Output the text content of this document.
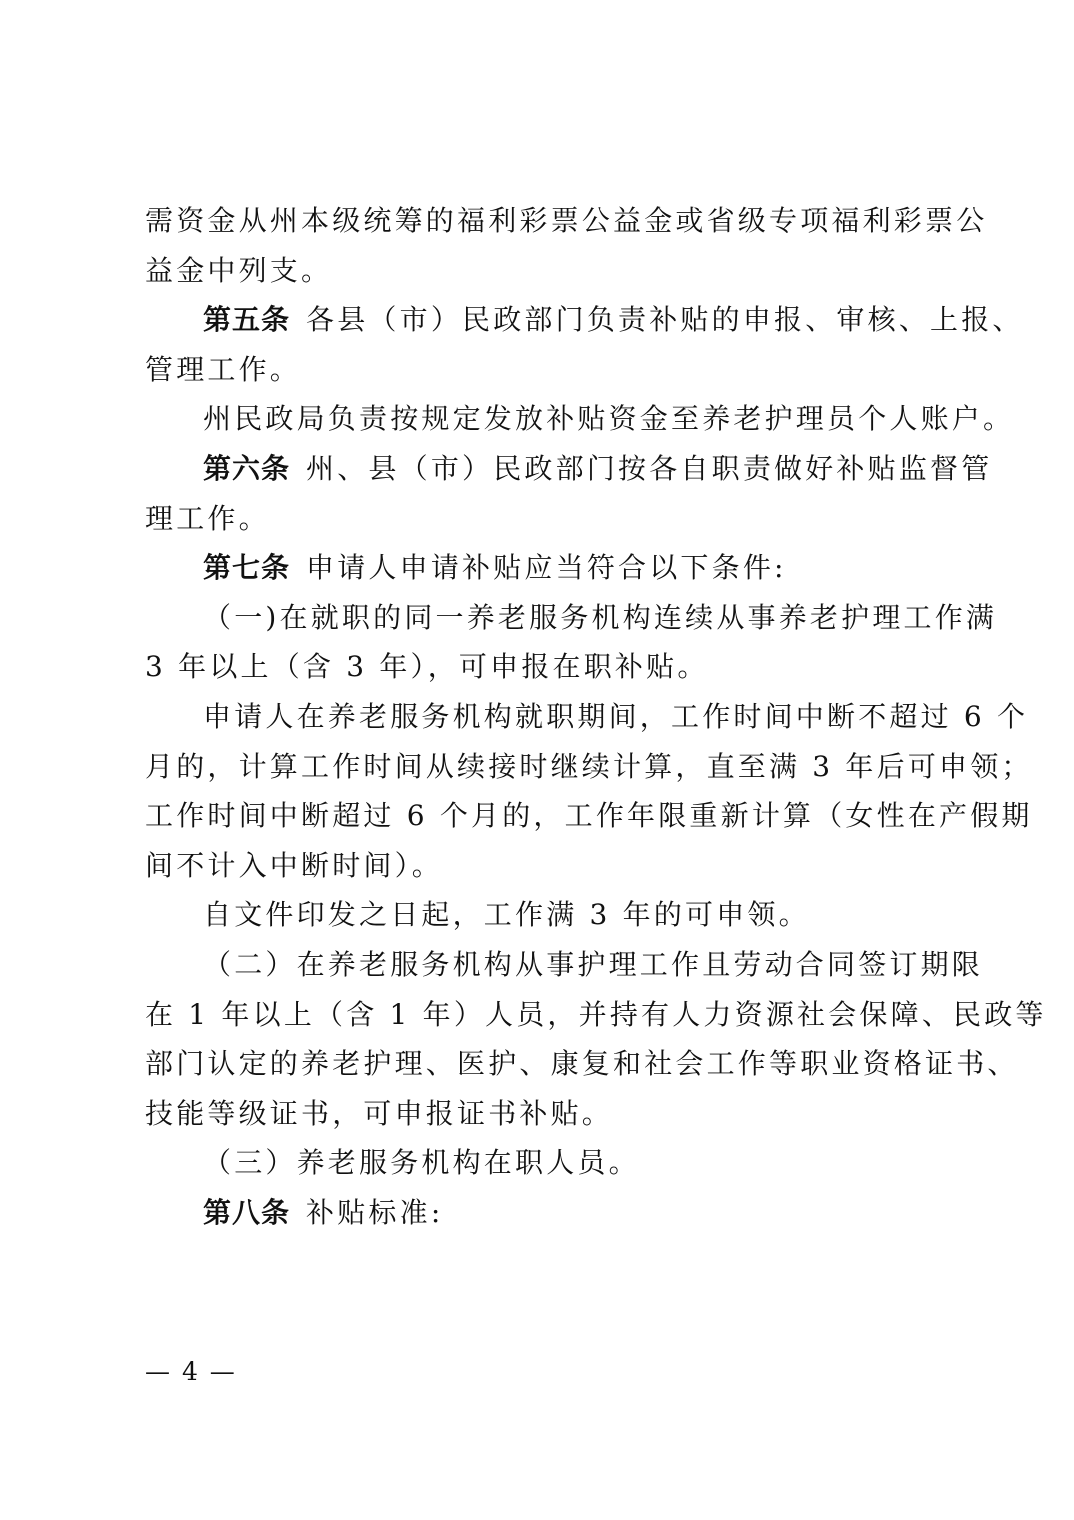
需资金从州本级统筹的福利彩票公益金或省级专项福利彩票公
益金中列支。
第五条 各县（市）民政部门负责补贴的申报、审核、上报、
管理工作。
州民政局负责按规定发放补贴资金至养老护理员个人账户。
第六条 州、县（市）民政部门按各自职责做好补贴监督管
理工作。
第七条 申请人申请补贴应当符合以下条件:
（一)在就职的同一养老服务机构连续从事养老护理工作满
3 年以上（含 3 年），可申报在职补贴。
申请人在养老服务机构就职期间，工作时间中断不超过 6 个
月的，计算工作时间从续接时继续计算，直至满 3 年后可申领；
工作时间中断超过 6 个月的，工作年限重新计算（女性在产假期
间不计入中断时间）。
自文件印发之日起，工作满 3 年的可申领。
（二）在养老服务机构从事护理工作且劳动合同签订期限
在 1 年以上（含 1 年）人员，并持有人力资源社会保障、民政等
部门认定的养老护理、医护、康复和社会工作等职业资格证书、
技能等级证书，可申报证书补贴。
（三）养老服务机构在职人员。
第八条 补贴标准:
— 4 —
